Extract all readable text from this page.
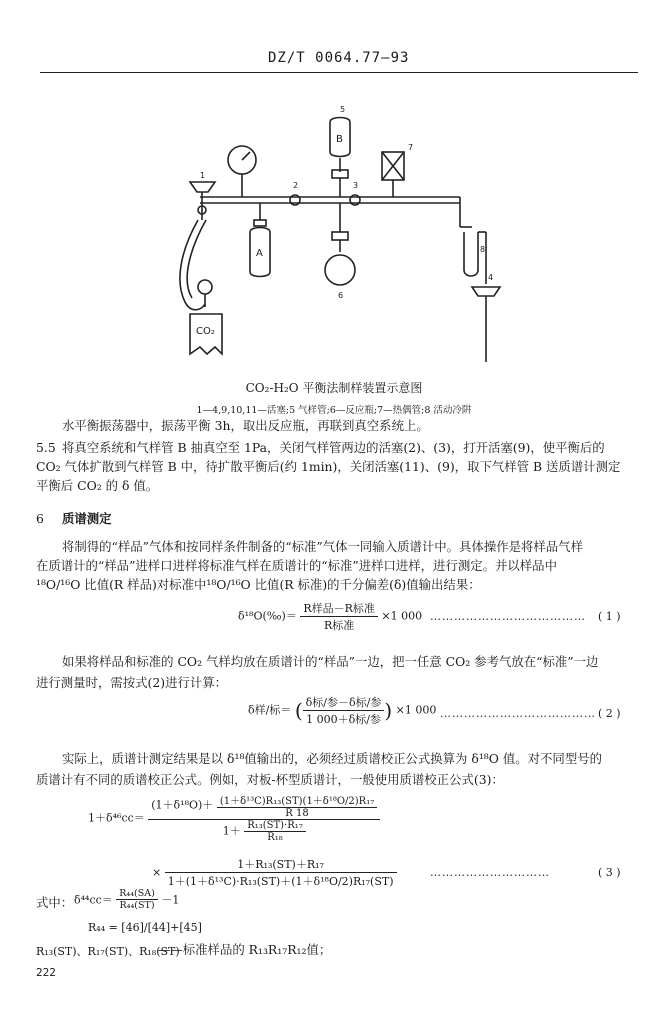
DZ/T 0064.77—93
1
2	3
4
5
6
7
8
B
A
CO₂
CO₂-H₂O 平衡法制样装置示意图
1—4,9,10,11—活塞;5 气样管;6—反应瓶;7—热偶管;8 活动冷阱
水平衡振荡器中，振荡平衡 3h，取出反应瓶，再联到真空系统上。
5.5 将真空系统和气样管 B 抽真空至 1Pa，关闭气样管两边的活塞(2)、(3)，打开活塞(9)，使平衡后的
CO₂ 气体扩散到气样管 B 中，待扩散平衡后(约 1min)，关闭活塞(11)、(9)，取下气样管 B 送质谱计测定
平衡后 CO₂ 的 δ 值。
6 质谱测定
将制得的“样品”气体和按同样条件制备的“标准”气体一同输入质谱计中。具体操作是将样品气样
在质谱计的“样品”进样口进样将标准气样在质谱计的“标准”进样口进样，进行测定。并以样品中
¹⁸O/¹⁶O 比值(R 样品)对标准中¹⁸O/¹⁶O 比值(R 标准)的千分偏差(δ)值输出结果：
δ¹⁸O(‰)＝ $\frac{\text{R样品－R标准}}{\text{R标准}} \times 1$ 000 ………………………………… ( 1 )
如果将样品和标准的 CO₂ 气样均放在质谱计的“样品”一边，把一任意 CO₂ 参考气放在“标准”一边
进行测量时，需按式(2)进行计算：
δ样/标＝ ( $\frac{\text{δ标/参－δ标/参}}{\text{1 000＋δ标/参}}$ ) ×1 000 ………………………………… ( 2 )
实际上，质谱计测定结果是以 δ¹⁸值输出的，必须经过质谱校正公式换算为 δ¹⁸O 值。对不同型号的
质谱计有不同的质谱校正公式。例如，对板-杯型质谱计，一般使用质谱校正公式(3)：
$1+\delta^{46}cc= \frac{(1+\delta^{18}O)+ \frac{\text{(1＋δ¹³C)R₁₃(ST)(1＋δ¹⁸O/2)R₁₇}}{R 18}}{1+ \frac{\text{R₁₃(ST)·R₁₇}}{\text{R₁₈}}}$
× $\frac{\text{1＋R₁₃(ST)＋R₁₇}}{\text{1＋(1＋δ¹³C)·R₁₃(ST)＋(1＋δ¹⁸O/2)R₁₇(ST)}}$	…………………………	( 3 )
式中： $\delta^{44}cc= \frac{\text{R₄₄(SA)}}{\text{R₄₄(ST)}} -1$
R₄₄ = [46]/[44]+[45]
R₁₃(ST)、R₁₇(ST)、R₁₈(ST)
——标准样品的 R₁₃R₁₇R₁₂值；
222
